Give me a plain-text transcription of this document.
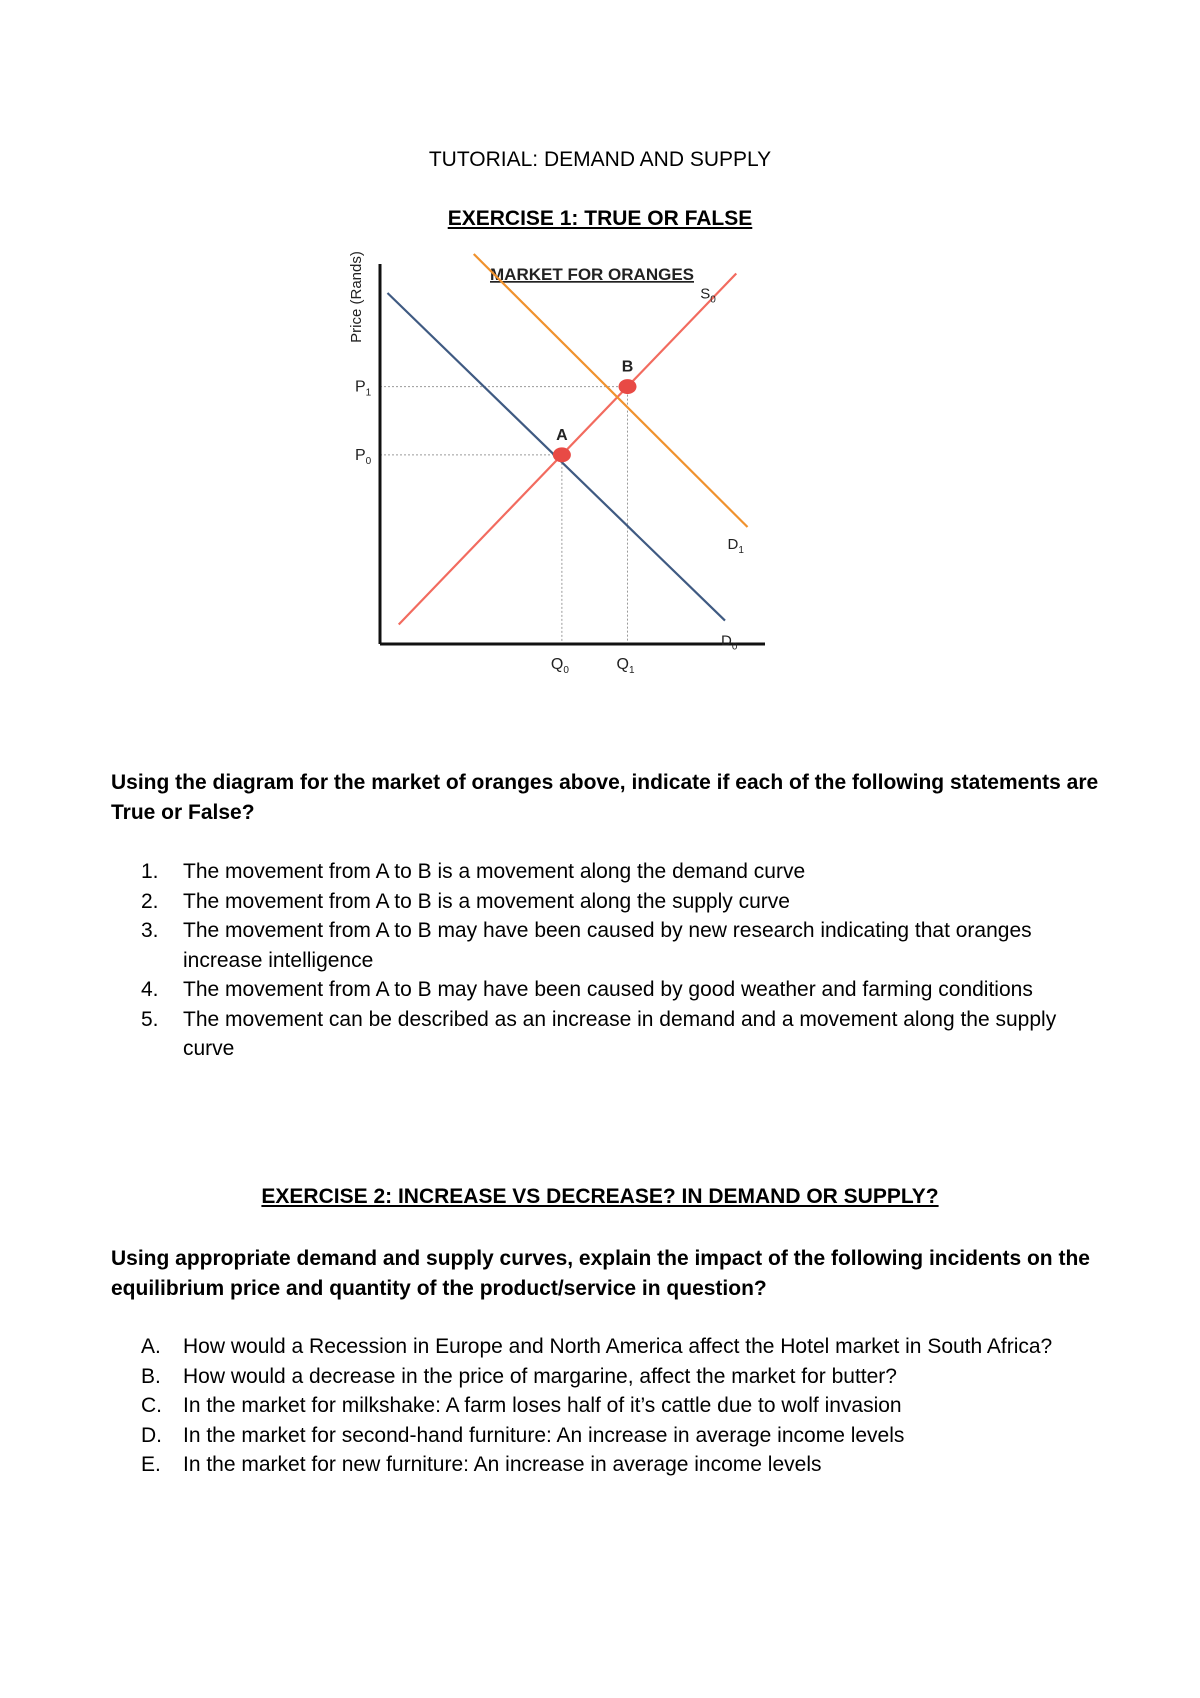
TUTORIAL: DEMAND AND SUPPLY
EXERCISE 1: TRUE OR FALSE
MARKET FOR ORANGES
Price (Rands)	$S_0$
$D_1$
$D_0$
A
B
$P_0$
$P_1$
$Q_0$	$Q_1$
Using the diagram for the market of oranges above, indicate if each of the following statements are True or False?
1. The movement from A to B is a movement along the demand curve
2. The movement from A to B is a movement along the supply curve
3. The movement from A to B may have been caused by new research indicating that oranges increase intelligence
4. The movement from A to B may have been caused by good weather and farming conditions
5. The movement can be described as an increase in demand and a movement along the supply curve
EXERCISE 2: INCREASE VS DECREASE? IN DEMAND OR SUPPLY?
Using appropriate demand and supply curves, explain the impact of the following incidents on the equilibrium price and quantity of the product/service in question?
A. How would a Recession in Europe and North America affect the Hotel market in South Africa?
B. How would a decrease in the price of margarine, affect the market for butter?
C. In the market for milkshake: A farm loses half of it’s cattle due to wolf invasion
D. In the market for second-hand furniture: An increase in average income levels
E. In the market for new furniture: An increase in average income levels
